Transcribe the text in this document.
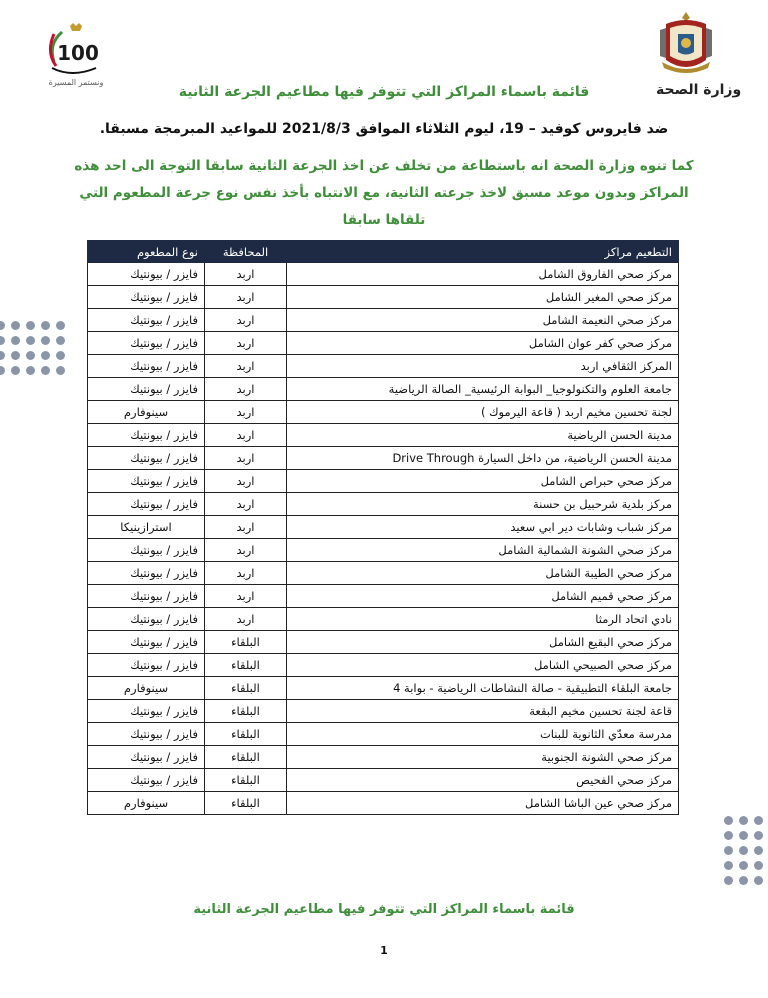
وزارة الصحة
100
ونستمر المسيرة
قائمة باسماء المراكز التي تتوفر فيها مطاعيم الجرعة الثانية
ضد فايروس كوفيد – 19، ليوم الثلاثاء الموافق 2021/8/3 للمواعيد المبرمجة مسبقا.
كما تنوه وزارة الصحة انه باستطاعة من تخلف عن اخذ الجرعة الثانية سابقا التوجة الى احد هذه المراكز وبدون موعد مسبق لاخذ جرعته الثانية، مع الانتباه بأخذ نفس نوع جرعة المطعوم التي تلقاها سابقا
التطعيم مراكز	المحافظة	نوع المطعوم
مركز صحي الفاروق الشامل	اربد	فايزر / بيونتيك
مركز صحي المغير الشامل	اربد	فايزر / بيونتيك
مركز صحي النعيمة الشامل	اربد	فايزر / بيونتيك
مركز صحي كفر عوان الشامل	اربد	فايزر / بيونتيك
المركز الثقافي اربد	اربد	فايزر / بيونتيك
جامعة العلوم والتكنولوجيا_ البوابة الرئيسية_ الصالة الرياضية	اربد	فايزر / بيونتيك
لجنة تحسين مخيم اربد ( قاعة اليرموك )	اربد	سينوفارم
مدينة الحسن الرياضية	اربد	فايزر / بيونتيك
مدينة الحسن الرياضية، من داخل السيارة Drive Through	اربد	فايزر / بيونتيك
مركز صحي حبراص الشامل	اربد	فايزر / بيونتيك
مركز بلدية شرحبيل بن حسنة	اربد	فايزر / بيونتيك
مركز شباب وشابات دير ابي سعيد	اربد	استرازينيكا
مركز صحي الشونة الشمالية الشامل	اربد	فايزر / بيونتيك
مركز صحي الطيبة الشامل	اربد	فايزر / بيونتيك
مركز صحي قميم الشامل	اربد	فايزر / بيونتيك
نادي اتحاد الرمثا	اربد	فايزر / بيونتيك
مركز صحي البقيع الشامل	البلقاء	فايزر / بيونتيك
مركز صحي الصبيحي الشامل	البلقاء	فايزر / بيونتيك
جامعة البلقاء التطبيقية - صالة النشاطات الرياضية - بوابة 4	البلقاء	سينوفارم
قاعة لجنة تحسين مخيم البقعة	البلقاء	فايزر / بيونتيك
مدرسة معدّي الثانوية للبنات	البلقاء	فايزر / بيونتيك
مركز صحي الشونة الجنوبية	البلقاء	فايزر / بيونتيك
مركز صحي الفحيص	البلقاء	فايزر / بيونتيك
مركز صحي عين الباشا الشامل	البلقاء	سينوفارم
قائمة باسماء المراكز التي تتوفر فيها مطاعيم الجرعة الثانية
1
